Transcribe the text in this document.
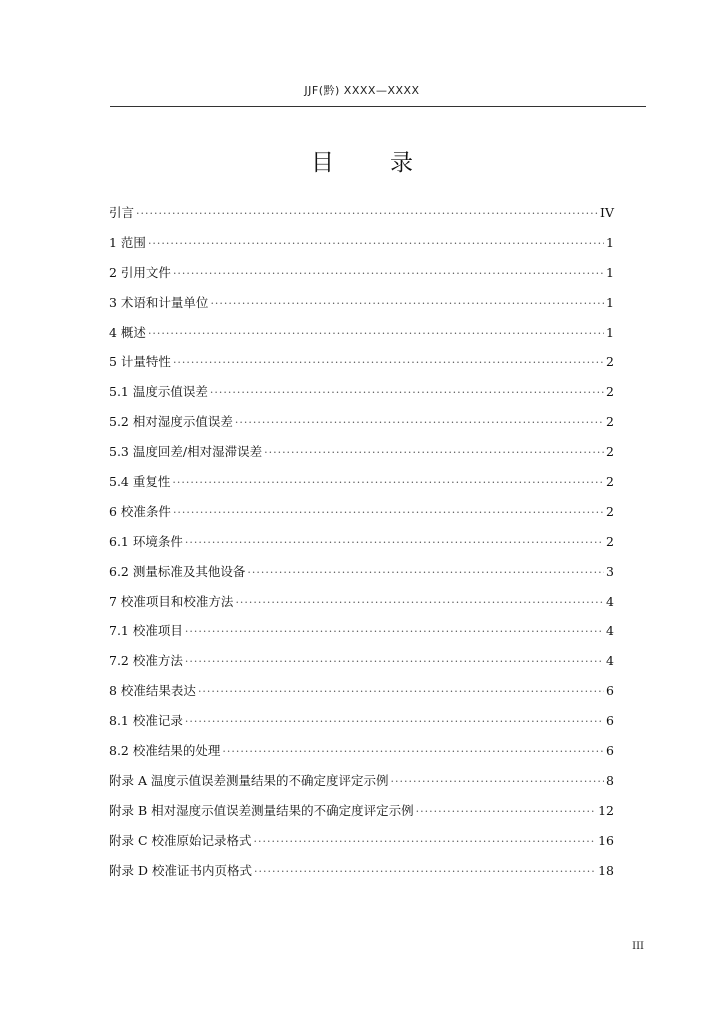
JJF(黔) XXXX—XXXX
目录
引言 ·····	IV
1 范围 ·····	1
2 引用文件 ·····	1
3 术语和计量单位 ·····	1
4 概述 ·····	1
5 计量特性 ·····	2
5.1 温度示值误差 ·····	2
5.2 相对湿度示值误差 ·····	2
5.3 温度回差/相对湿滞误差 ·····	2
5.4 重复性 ·····	2
6 校准条件 ·····	2
6.1 环境条件 ·····	2
6.2 测量标准及其他设备 ·····	3
7 校准项目和校准方法 ·····	4
7.1 校准项目 ·····	4
7.2 校准方法 ·····	4
8 校准结果表达 ·····	6
8.1 校准记录 ·····	6
8.2 校准结果的处理 ·····	6
附录 A 温度示值误差测量结果的不确定度评定示例 ·····	8
附录 B 相对湿度示值误差测量结果的不确定度评定示例 ·····	12
附录 C 校准原始记录格式 ·····	16
附录 D 校准证书内页格式 ·····	18
III
